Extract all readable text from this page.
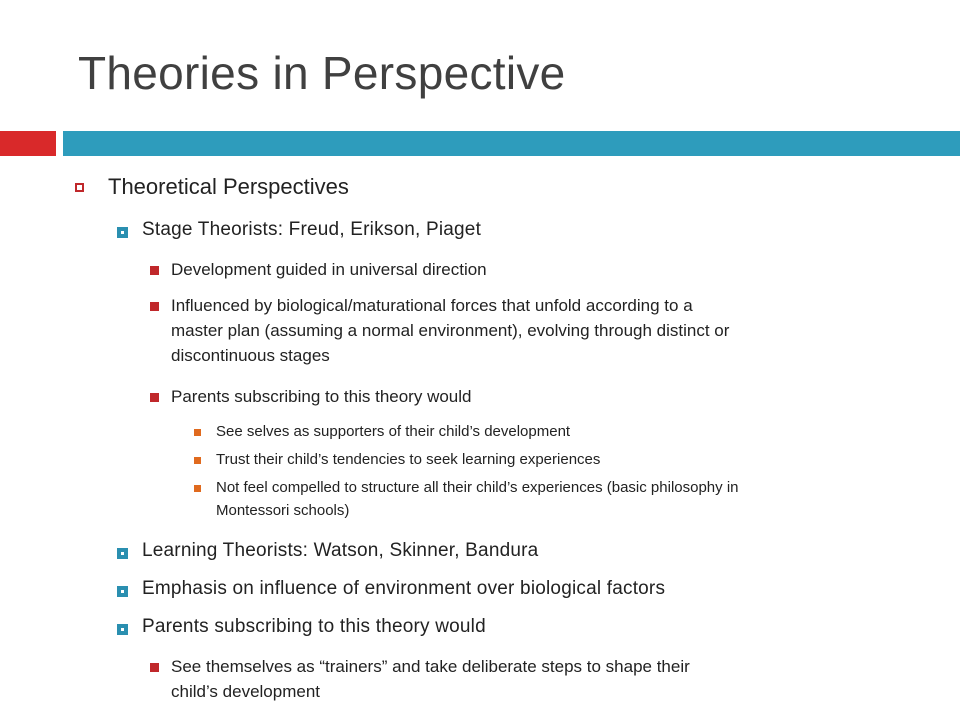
Theories in Perspective
Theoretical Perspectives
Stage Theorists: Freud, Erikson, Piaget
Development guided in universal direction
Influenced by biological/maturational forces that unfold according to a
master plan (assuming a normal environment), evolving through distinct or
discontinuous stages
Parents subscribing to this theory would
See selves as supporters of their child’s development
Trust their child’s tendencies to seek learning experiences
Not feel compelled to structure all their child’s experiences (basic philosophy in
Montessori schools)
Learning Theorists: Watson, Skinner, Bandura
Emphasis on influence of environment over biological factors
Parents subscribing to this theory would
See themselves as “trainers” and take deliberate steps to shape their
child’s development
